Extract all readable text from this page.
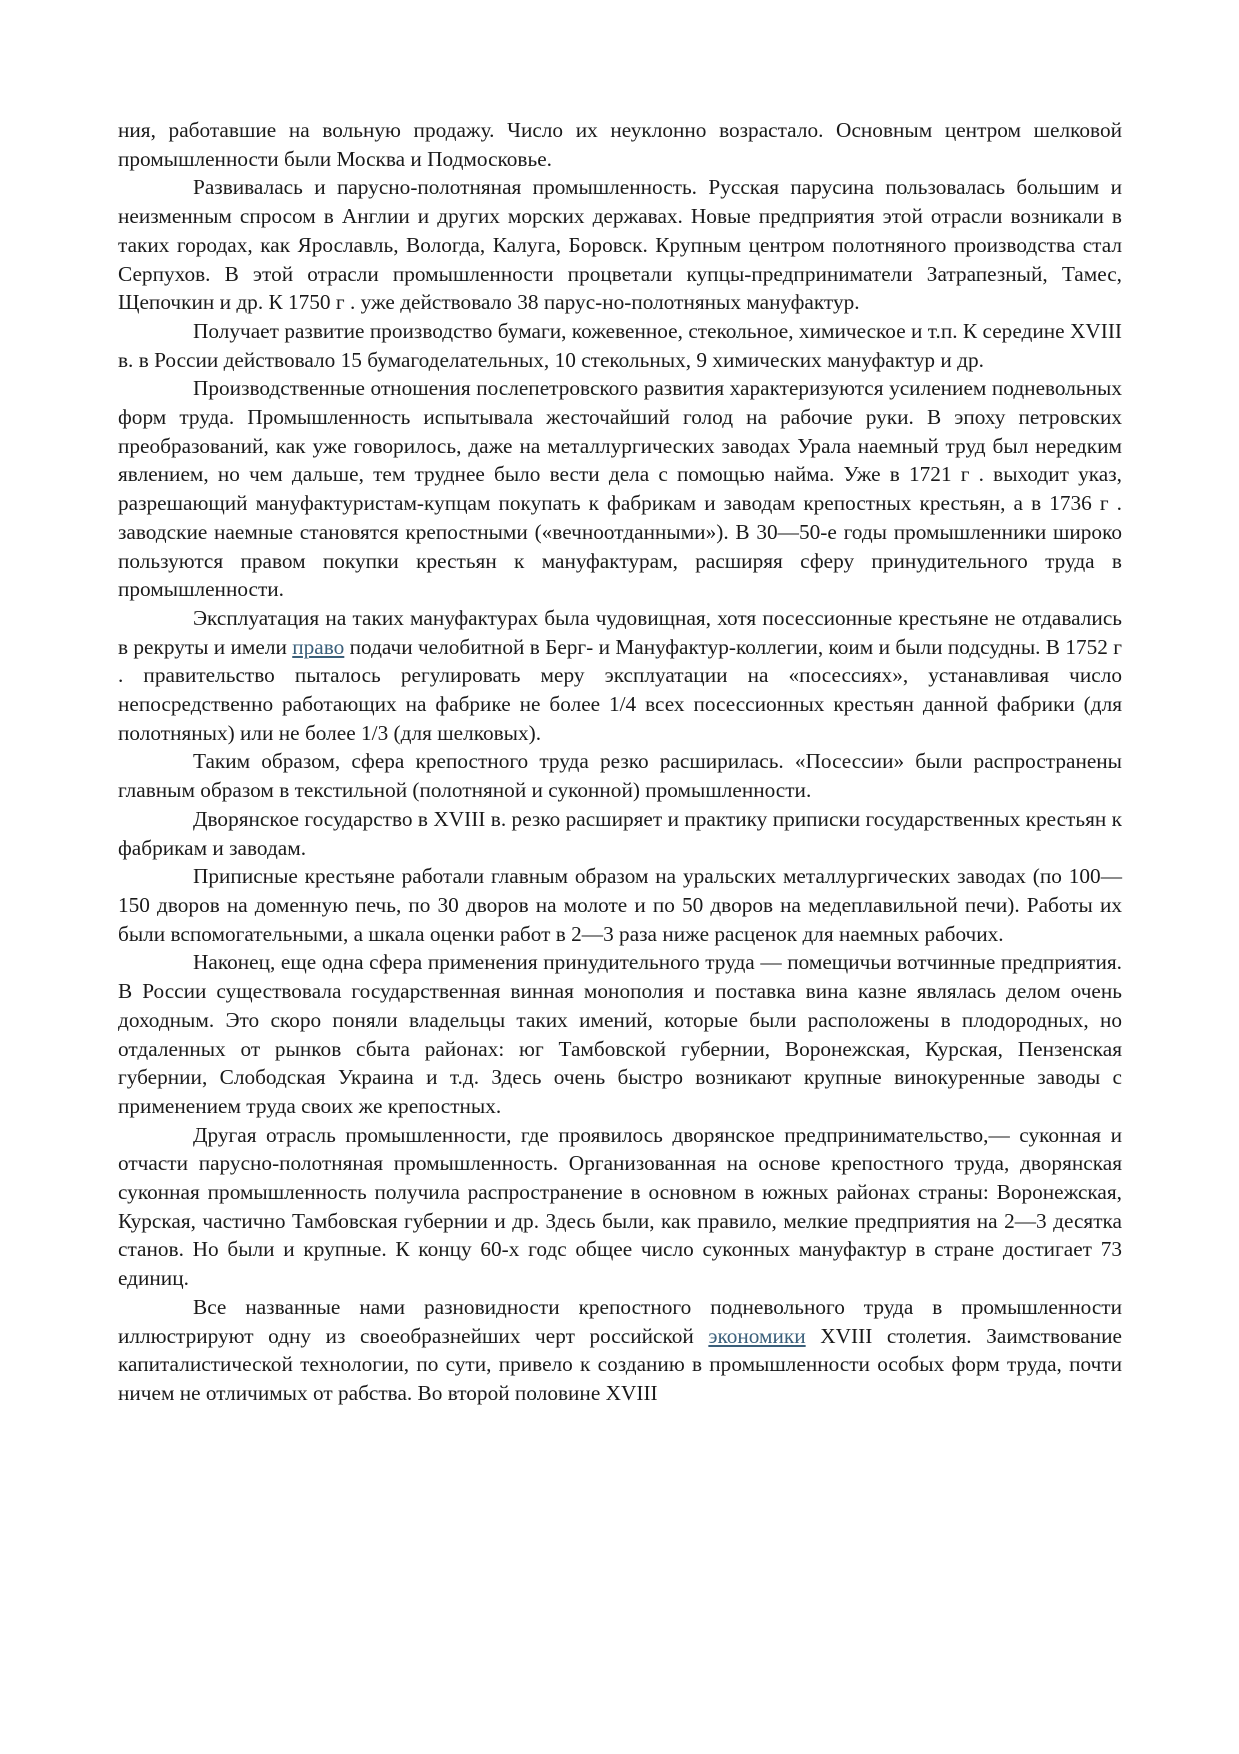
ния, работавшие на вольную продажу. Число их неуклонно возрастало. Основным центром шелковой промышленности были Москва и Подмосковье.

Развивалась и парусно-полотняная промышленность. Русская парусина пользовалась большим и неизменным спросом в Англии и других морских державах. Новые предприятия этой отрасли возникали в таких городах, как Ярославль, Вологда, Калуга, Боровск. Крупным центром полотняного производства стал Серпухов. В этой отрасли промышленности процветали купцы-предприниматели Затрапезный, Тамес, Щепочкин и др. К 1750 г . уже действовало 38 парус-но-полотняных мануфактур.

Получает развитие производство бумаги, кожевенное, стекольное, химическое и т.п. К середине XVIII в. в России действовало 15 бумагоделательных, 10 стекольных, 9 химических мануфактур и др.

Производственные отношения послепетровского развития характеризуются усилением подневольных форм труда. Промышленность испытывала жесточайший голод на рабочие руки. В эпоху петровских преобразований, как уже говорилось, даже на металлургических заводах Урала наемный труд был нередким явлением, но чем дальше, тем труднее было вести дела с помощью найма. Уже в 1721 г . выходит указ, разрешающий мануфактуристам-купцам покупать к фабрикам и заводам крепостных крестьян, а в 1736 г . заводские наемные становятся крепостными («вечноотданными»). В 30—50-е годы промышленники широко пользуются правом покупки крестьян к мануфактурам, расширяя сферу принудительного труда в промышленности.

Эксплуатация на таких мануфактурах была чудовищная, хотя посессионные крестьяне не отдавались в рекруты и имели право подачи челобитной в Берг- и Мануфактур-коллегии, коим и были подсудны. В 1752 г . правительство пыталось регулировать меру эксплуатации на «посессиях», устанавливая число непосредственно работающих на фабрике не более 1/4 всех посессионных крестьян данной фабрики (для полотняных) или не более 1/3 (для шелковых).

Таким образом, сфера крепостного труда резко расширилась. «Посессии» были распространены главным образом в текстильной (полотняной и суконной) промышленности.

Дворянское государство в XVIII в. резко расширяет и практику приписки государственных крестьян к фабрикам и заводам.

Приписные крестьяне работали главным образом на уральских металлургических заводах (по 100—150 дворов на доменную печь, по 30 дворов на молоте и по 50 дворов на медеплавильной печи). Работы их были вспомогательными, а шкала оценки работ в 2—3 раза ниже расценок для наемных рабочих.

Наконец, еще одна сфера применения принудительного труда — помещичьи вотчинные предприятия. В России существовала государственная винная монополия и поставка вина казне являлась делом очень доходным. Это скоро поняли владельцы таких имений, которые были расположены в плодородных, но отдаленных от рынков сбыта районах: юг Тамбовской губернии, Воронежская, Курская, Пензенская губернии, Слободская Украина и т.д. Здесь очень быстро возникают крупные винокуренные заводы с применением труда своих же крепостных.

Другая отрасль промышленности, где проявилось дворянское предпринимательство,— суконная и отчасти парусно-полотняная промышленность. Организованная на основе крепостного труда, дворянская суконная промышленность получила распространение в основном в южных районах страны: Воронежская, Курская, частично Тамбовская губернии и др. Здесь были, как правило, мелкие предприятия на 2—3 десятка станов. Но были и крупные. К концу 60-х годс общее число суконных мануфактур в стране достигает 73 единиц.

Все названные нами разновидности крепостного подневольного труда в промышленности иллюстрируют одну из своеобразнейших черт российской экономики XVIII столетия. Заимствование капиталистической технологии, по сути, привело к созданию в промышленности особых форм труда, почти ничем не отличимых от рабства. Во второй половине XVIII
